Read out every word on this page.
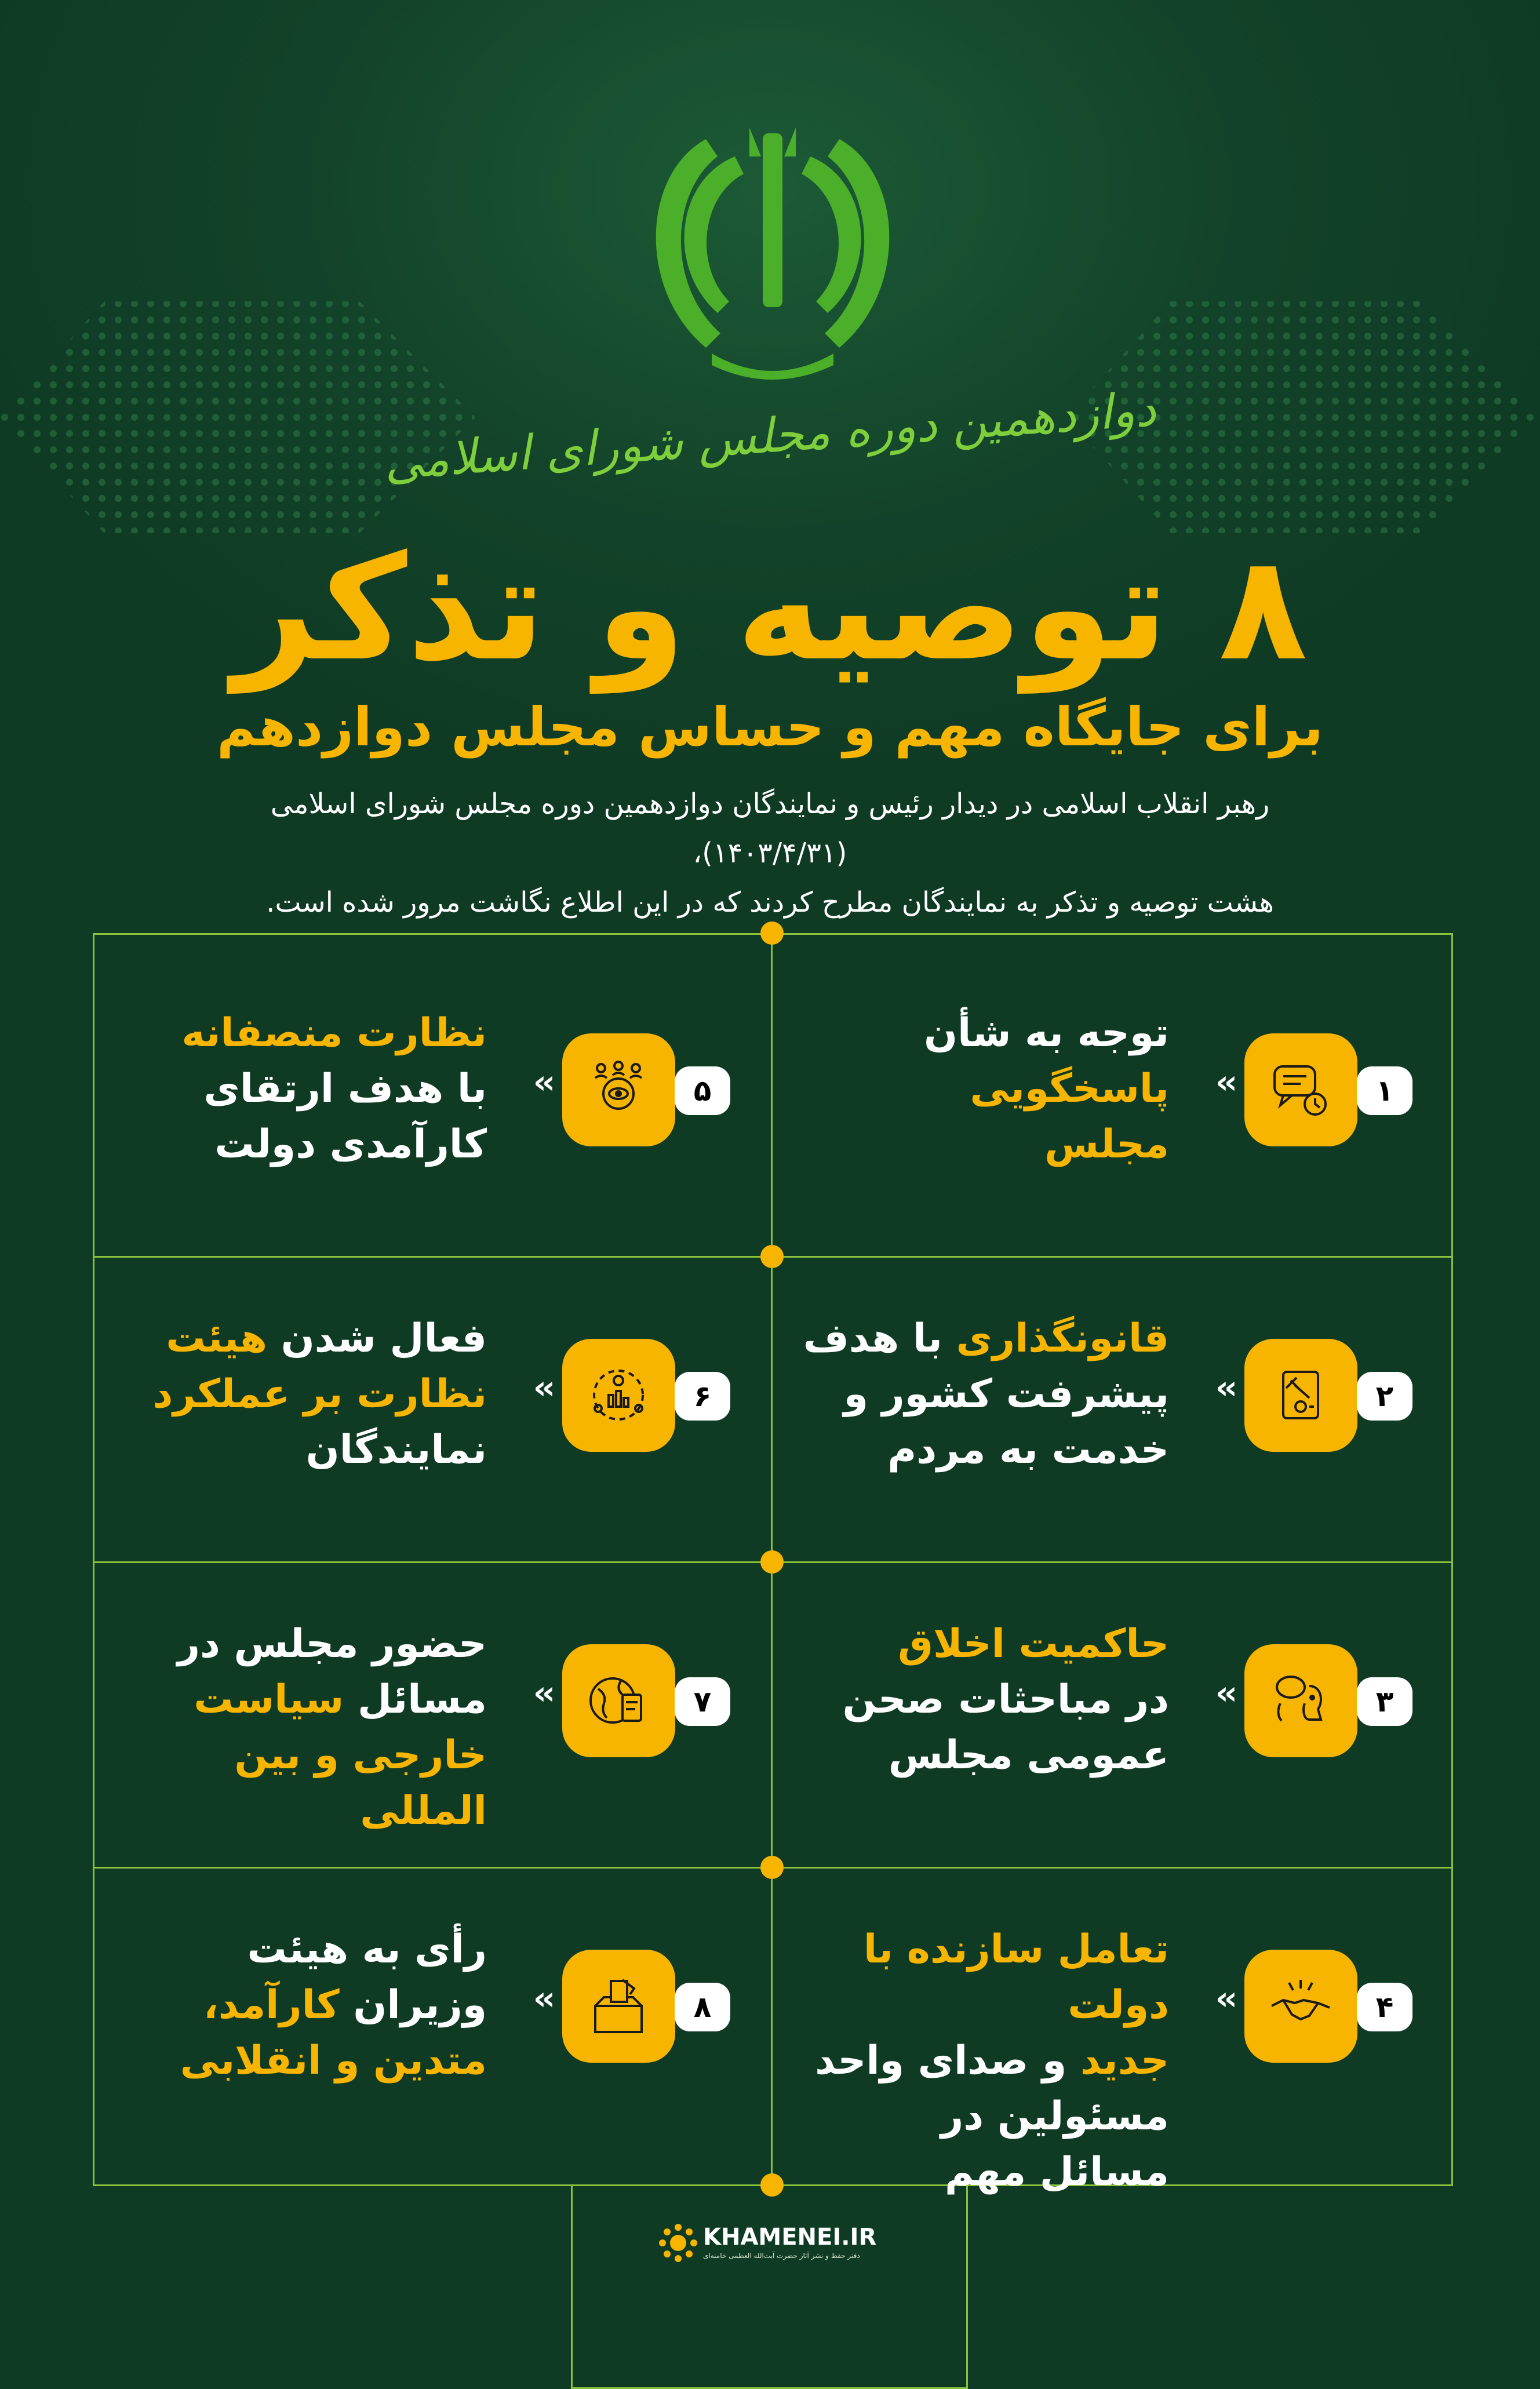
دوازدهمین دوره مجلس شورای اسلامی
۸ توصیه و تذکر
برای جایگاه مهم و حساس مجلس دوازدهم
رهبر انقلاب اسلامی در دیدار رئیس و نمایندگان دوازدهمین دوره مجلس شورای اسلامی (۱۴۰۳/۴/۳۱)،
هشت توصیه و تذکر به نمایندگان مطرح کردند که در این اطلاع نگاشت مرور شده است.
توجه به شأن
پاسخگویی
مجلس
››	۱
قانونگذاری با هدف
پیشرفت کشور و
خدمت به مردم
››	۲
حاکمیت اخلاق
در مباحثات صحن
عمومی مجلس
››	۳
تعامل سازنده با دولت
جدید و صدای واحد
مسئولین در مسائل مهم
››	۴
نظارت منصفانه
با هدف ارتقای
کارآمدی دولت
››	۵
فعال شدن هیئت
نظارت بر عملکرد
نمایندگان
››	۶
حضور مجلس در
مسائل سیاست
خارجی و بین المللی
››	۷
رأی به هیئت
وزیران کارآمد،
متدین و انقلابی
››	۸
KHAMENEI.IR
دفتر حفظ و نشر آثار حضرت آیت‌الله العظمی خامنه‌ای
